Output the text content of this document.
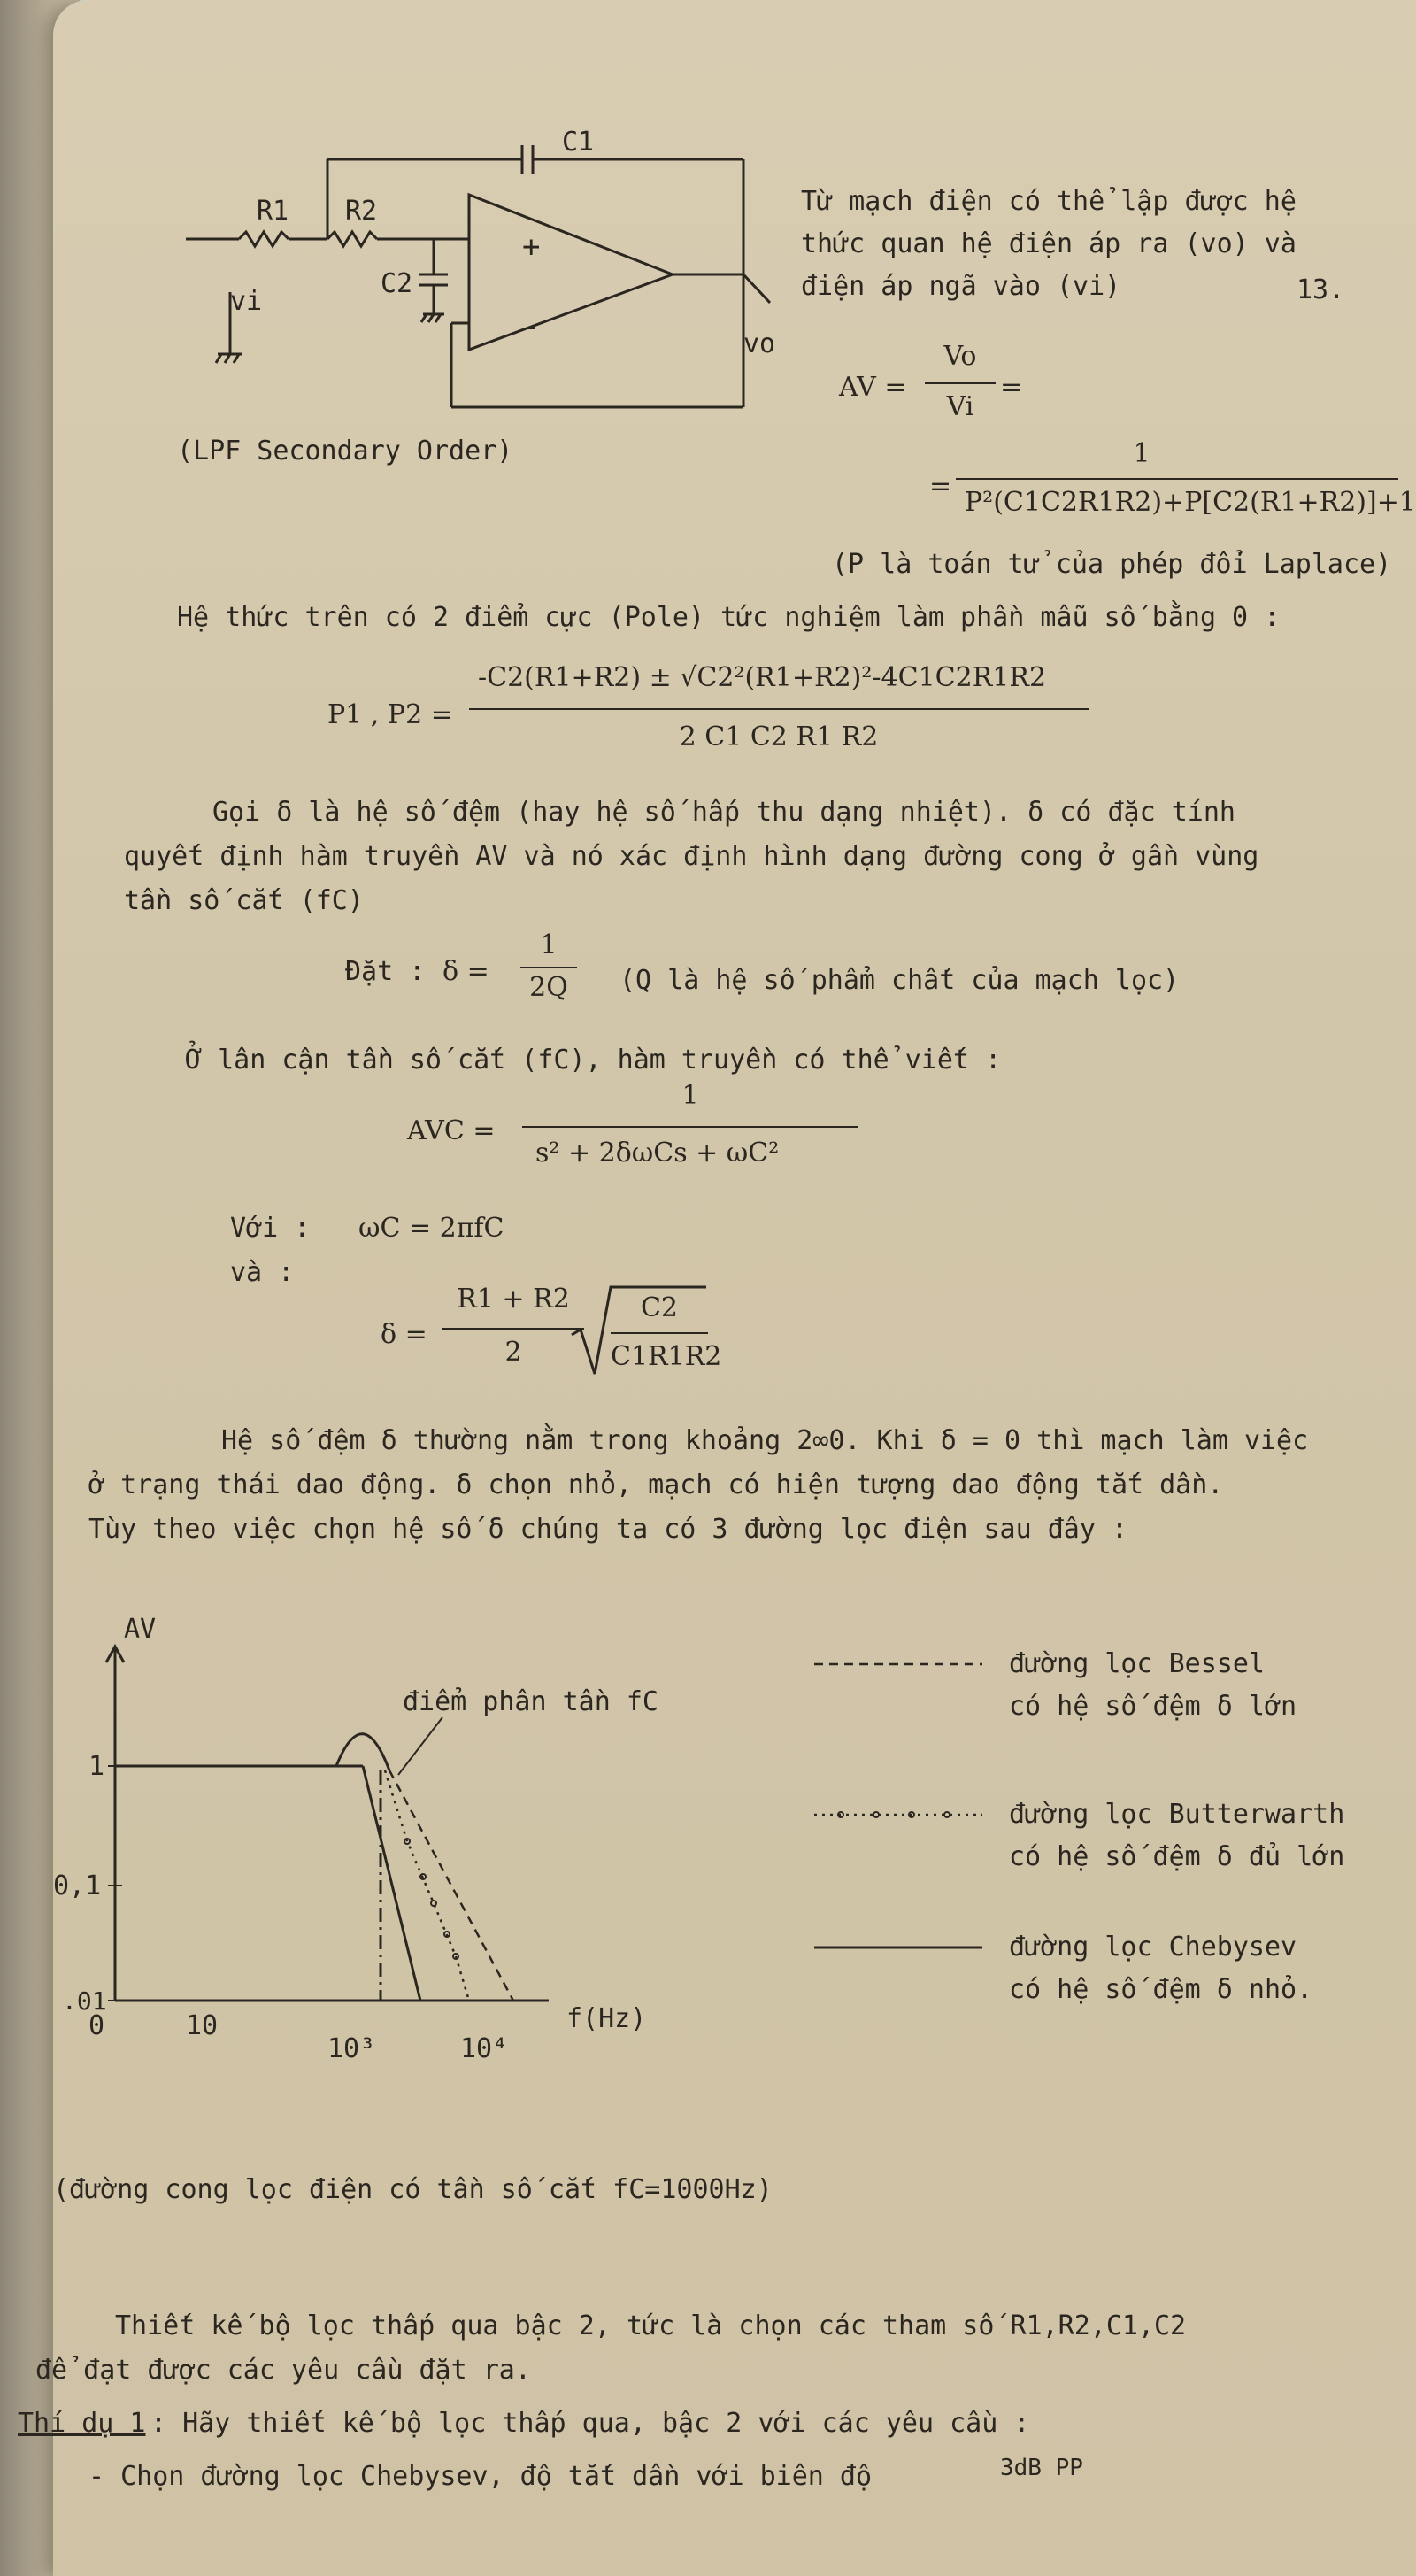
C1
R1 R2
C2
vi
vo
+
-
(LPF Secondary Order)
13.
Từ mạch điện có thể lập được hệ
thức quan hệ điện áp ra (vo) và
điện áp ngã vào (vi)
AV =
Vo
Vi
=
=
1
P²(C1C2R1R2)+P[C2(R1+R2)]+1
(P là toán tử của phép đổi Laplace)
Hệ thức trên có 2 điểm cực (Pole) tức nghiệm làm phần mẫu số bằng 0 :
P1 , P2 =
-C2(R1+R2) ± √C2²(R1+R2)²-4C1C2R1R2
2 C1 C2 R1 R2
Gọi δ là hệ số đệm (hay hệ số hấp thu dạng nhiệt). δ có đặc tính
quyết định hàm truyền AV và nó xác định hình dạng đường cong ở gần vùng
tần số cắt (fC)
Đặt : δ =
1
2Q (Q là hệ số phẩm chất của mạch lọc)
Ở lân cận tần số cắt (fC), hàm truyền có thể viết :
AVC =
1
s² + 2δωCs + ωC²
Với : ωC = 2πfC
và :
δ =
R1 + R2
2
C2
C1R1R2
Hệ số đệm δ thường nằm trong khoảng 2∞0. Khi δ = 0 thì mạch làm việc
ở trạng thái dao động. δ chọn nhỏ, mạch có hiện tượng dao động tắt dần.
Tùy theo việc chọn hệ số δ chúng ta có 3 đường lọc điện sau đây :
AV
điểm phân tần fC
1
0,1
.01
0	10
10³	10⁴
f(Hz)
(đường cong lọc điện có tần số cắt fC=1000Hz)
đường lọc Bessel
có hệ số đệm δ lớn
đường lọc Butterwarth
có hệ số đệm δ đủ lớn
đường lọc Chebysev
có hệ số đệm δ nhỏ.
Thiết kế bộ lọc thấp qua bậc 2, tức là chọn các tham số R1,R2,C1,C2
để đạt được các yêu cầu đặt ra.
Thí dụ 1 : Hãy thiết kế bộ lọc thấp qua, bậc 2 với các yêu cầu :
- Chọn đường lọc Chebysev, độ tắt dần với biên độ	3dB PP
